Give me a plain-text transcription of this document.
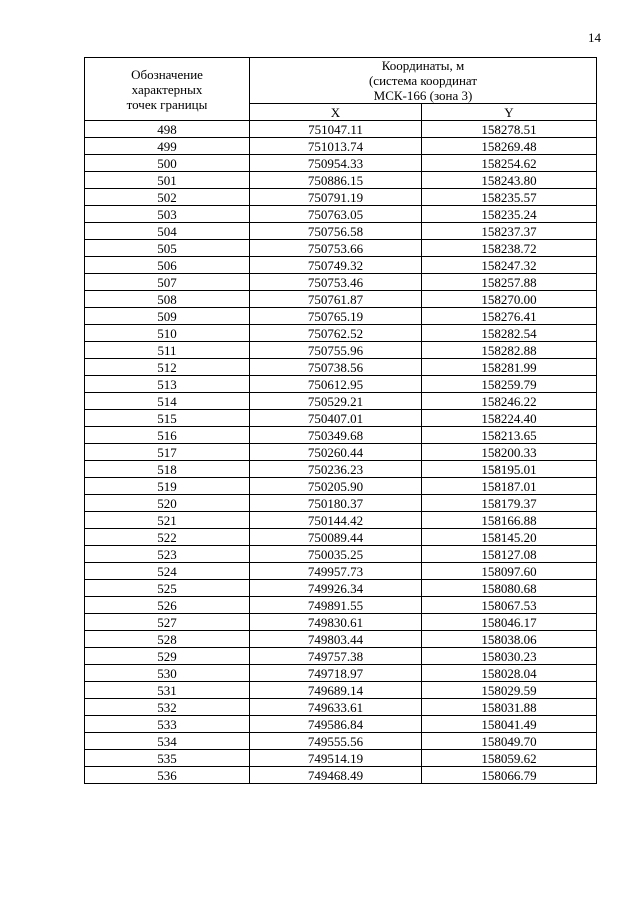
14
Обозначение
характерных
точек границы	Координаты, м
(система координат
МСК-166 (зона 3)	

	X	Y
498	751047.11	158278.51
499	751013.74	158269.48
500	750954.33	158254.62
501	750886.15	158243.80
502	750791.19	158235.57
503	750763.05	158235.24
504	750756.58	158237.37
505	750753.66	158238.72
506	750749.32	158247.32
507	750753.46	158257.88
508	750761.87	158270.00
509	750765.19	158276.41
510	750762.52	158282.54
511	750755.96	158282.88
512	750738.56	158281.99
513	750612.95	158259.79
514	750529.21	158246.22
515	750407.01	158224.40
516	750349.68	158213.65
517	750260.44	158200.33
518	750236.23	158195.01
519	750205.90	158187.01
520	750180.37	158179.37
521	750144.42	158166.88
522	750089.44	158145.20
523	750035.25	158127.08
524	749957.73	158097.60
525	749926.34	158080.68
526	749891.55	158067.53
527	749830.61	158046.17
528	749803.44	158038.06
529	749757.38	158030.23
530	749718.97	158028.04
531	749689.14	158029.59
532	749633.61	158031.88
533	749586.84	158041.49
534	749555.56	158049.70
535	749514.19	158059.62
536	749468.49	158066.79
